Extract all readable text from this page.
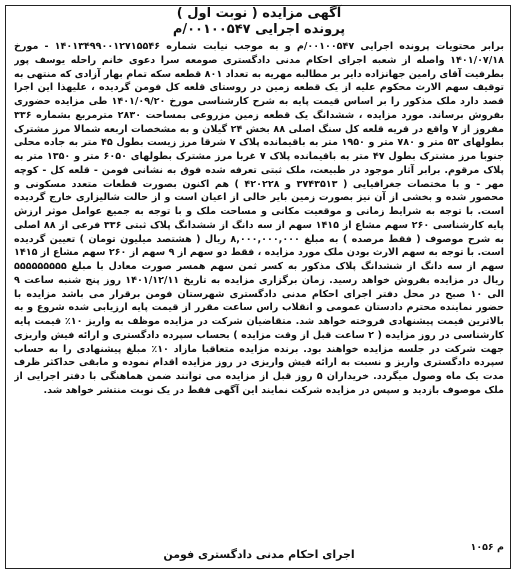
آگهی مزایده ( نوبت اول )
پرونده اجرایی ۰۰۱۰۰۵۴۷/م
برابر محتویات پرونده اجرایی ۰۰۱۰۰۵۴۷/م و به موجب نیابت شماره ۱۴۰۱۳۴۹۹۰۰۱۲۷۱۵۵۴۶ - مورخ ۱۴۰۱/۰۷/۱۸ واصله از شعبه اجرای احکام مدنی دادگستری صومعه سرا دعوی خانم راحله یوسف پور بطرفیت آقای رامین جهانزاده دایر بر مطالبه مهریه به تعداد ۸۰۱ قطعه سکه تمام بهار آزادی که منتهی به توقیف سهم الارث محکوم علیه از یک قطعه زمین در روستای قلعه کل فومن گردیده ، علیهذا این اجرا قصد دارد ملک مذکور را بر اساس قیمت پایه به شرح کارشناسی مورخ ۱۴۰۱/۰۹/۲۰ طی مزایده حضوری بفروش برساند. مورد مزایده ، ششدانگ یک قطعه زمین مزروعی بمساحت ۲۸۳۰ مترمربع بشماره ۳۳۶ مفروز از ۷ واقع در قریه قلعه کل سنگ اصلی ۸۸ بخش ۲۴ گیلان و به مشخصات اربعه شمالا مرز مشترک بطولهای ۵۳ متر و ۷۸۰ متر و ۱۹۵۰ متر به باقیمانده پلاک ۷ شرقا مرز زیست بطول ۴۵ متر به جاده محلی جنوبا مرز مشترک بطول ۴۷ متر به باقیمانده پلاک ۷ غربا مرز مشترک بطولهای ۶۰۵۰ متر و ۱۳۵۰ متر به پلاک مرقوم. برابر آثار موجود در طبیعت، ملک ثبتی تعرفه شده فوق به نشانی فومن - قلعه کل - کوچه مهر - و با مختصات جغرافیایی ( ۳۷۴۳۵۱۳ و ۴۲۰۲۲۸ ) هم اکنون بصورت قطعات متعدد مسکونی و محصور شده و بخشی از آن نیز بصورت زمین بایر خالی از اعیان است و از حالت شالیزاری خارج گردیده است. با توجه به شرایط زمانی و موقعیت مکانی و مساحت ملک و با توجه به جمیع عوامل موثر ارزش پایه کارشناسی ۲۶۰ سهم مشاع از ۱۴۱۵ سهم از سه دانگ از ششدانگ پلاک ثبتی ۳۳۶ فرعی از ۸۸ اصلی به شرح موصوف ( فقط مرصده ) به مبلغ ۸,۰۰۰,۰۰۰,۰۰۰ ریال ( هشتصد میلیون تومان ) تعیین گردیده است. با توجه به سهم الارث بودن ملک مورد مزایده ، فقط دو سهم از ۹ سهم از ۲۶۰ سهم مشاع از ۱۴۱۵ سهم از سه دانگ از ششدانگ پلاک مذکور به کسر ثمن سهم همسر صورت معادل با مبلغ ۵۵۵۵۵۵۵۵۵ ریال در مزایده بفروش خواهد رسید. زمان برگزاری مزایده به تاریخ ۱۴۰۱/۱۲/۱۱ روز پنج شنبه ساعت ۹ الی ۱۰ صبح در محل دفتر اجرای احکام مدنی دادگستری شهرستان فومن برقرار می باشد مزایده با حضور نماینده محترم دادستان عمومی و انقلاب راس ساعت مقرر از قیمت پایه ارزیابی شده شروع و به بالاترین قیمت پیشنهادی فروخته خواهد شد. متقاضیان شرکت در مزایده موظف به واریز ۱۰٪ قیمت پایه کارشناسی در روز مزایده ( ۲ ساعت قبل از وقت مزایده ) بحساب سپرده دادگستری و ارائه فیش واریزی جهت شرکت در جلسه مزایده خواهند بود. برنده مزایده متعاقبا مازاد ۱۰٪ مبلغ پیشنهادی را به حساب سپرده دادگستری واریز و نسبت به ارائه فیش واریزی در روز مزایده اقدام نموده و مابقی حداکثر ظرف مدت یک ماه وصول میگردد. خریداران ۵ روز قبل از مزایده می توانند ضمن هماهنگی با دفتر اجرایی از ملک موصوف بازدید و سپس در مزایده شرکت نمایند این آگهی فقط در یک نوبت منتشر خواهد شد.
م ۱۰۵۶
اجرای احکام مدنی دادگستری فومن
